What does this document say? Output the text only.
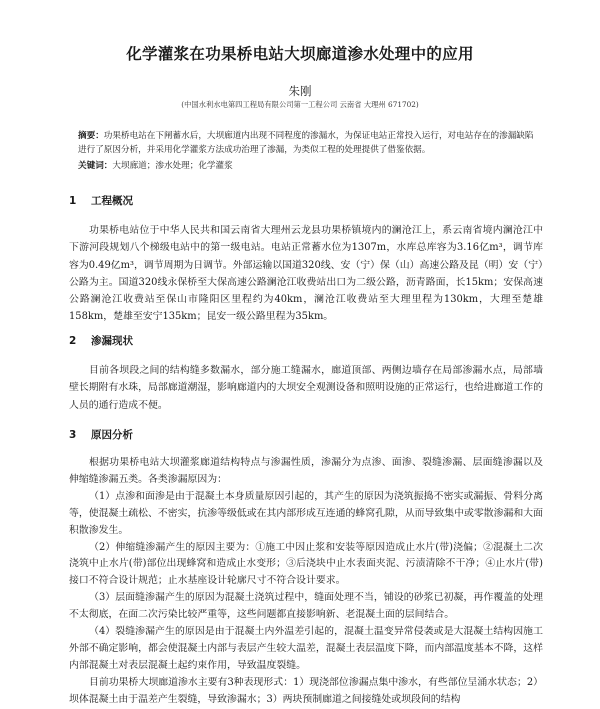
化学灌浆在功果桥电站大坝廊道渗水处理中的应用
朱刚
(中国水利水电第四工程局有限公司第一工程公司 云南省 大理州 671702)
摘要：功果桥电站在下闸蓄水后，大坝廊道内出现不同程度的渗漏水，为保证电站正常投入运行，对电站存在的渗漏缺陷进行了原因分析，并采用化学灌浆方法成功治理了渗漏，为类似工程的处理提供了借鉴依据。
关键词：大坝廊道；渗水处理；化学灌浆
1 工程概况

功果桥电站位于中华人民共和国云南省大理州云龙县功果桥镇境内的澜沧江上，系云南省境内澜沧江中下游河段规划八个梯级电站中的第一级电站。电站正常蓄水位为1307m，水库总库容为3.16亿m³，调节库容为0.49亿m³，调节周期为日调节。外部运输以国道320线、安（宁）保（山）高速公路及昆（明）安（宁）公路为主。国道320线永保桥至大保高速公路澜沧江收费站出口为二级公路，沥青路面，长15km；安保高速公路澜沧江收费站至保山市隆阳区里程约为40km，澜沧江收费站至大理里程为130km，大理至楚雄158km，楚雄至安宁135km；昆安一级公路里程为35km。

2 渗漏现状

目前各坝段之间的结构缝多数漏水，部分施工缝漏水，廊道顶部、两侧边墙存在局部渗漏水点，局部墙壁长期附有水珠，局部廊道潮湿，影响廊道内的大坝安全观测设备和照明设施的正常运行，也给进廊道工作的人员的通行造成不便。

3 原因分析

根据功果桥电站大坝灌浆廊道结构特点与渗漏性质，渗漏分为点渗、面渗、裂缝渗漏、层面缝渗漏以及伸缩缝渗漏五类。各类渗漏原因为：

（1）点渗和面渗是由于混凝土本身质量原因引起的，其产生的原因为浇筑振捣不密实或漏振、骨料分离等，使混凝土疏松、不密实，抗渗等级低或在其内部形成互连通的蜂窝孔隙，从而导致集中或零散渗漏和大面积散渗发生。

（2）伸缩缝渗漏产生的原因主要为：①施工中因止浆和安装等原因造成止水片(带)浇偏；②混凝土二次浇筑中止水片(带)部位出现蜂窝和造成止水变形；③后浇块中止水表面夹泥、污渍清除不干净；④止水片(带)接口不符合设计规范；止水基座设计轮廓尺寸不符合设计要求。

（3）层面缝渗漏产生的原因为混凝土浇筑过程中，缝面处理不当，铺设的砂浆已初凝，再作覆盖的处理不太彻底，在面二次污染比较严重等，这些问题都直接影响新、老混凝土面的层间结合。

（4）裂缝渗漏产生的原因是由于混凝土内外温差引起的，混凝土温变异常侵袭或是大混凝土结构因施工外部不确定影响，都会使混凝土内部与表层产生较大温差，混凝土表层温度下降，而内部温度基本不降，这样内部混凝土对表层混凝土起约束作用，导致温度裂缝。

目前功果桥大坝廊道渗水主要有3种表现形式：1）现浇部位渗漏点集中渗水，有些部位呈涌水状态；2）坝体混凝土由于温差产生裂缝，导致渗漏水；3）两块预制廊道之间接缝处或坝段间的结构
